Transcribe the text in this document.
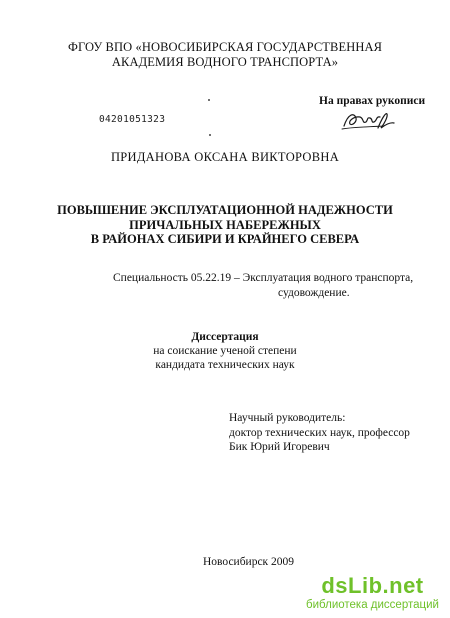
ФГОУ ВПО «НОВОСИБИРСКАЯ ГОСУДАРСТВЕННАЯ
АКАДЕМИЯ ВОДНОГО ТРАНСПОРТА»
На правах рукописи
04201051323
ПРИДАНОВА ОКСАНА ВИКТОРОВНА
ПОВЫШЕНИЕ ЭКСПЛУАТАЦИОННОЙ НАДЕЖНОСТИ
ПРИЧАЛЬНЫХ НАБЕРЕЖНЫХ
В РАЙОНАХ СИБИРИ И КРАЙНЕГО СЕВЕРА
Специальность 05.22.19 – Эксплуатация водного транспорта,
судовождение.
Диссертация
на соискание ученой степени
кандидата технических наук
Научный руководитель:
доктор технических наук, профессор
Бик Юрий Игоревич
Новосибирск 2009
dsLib.net
библиотека диссертаций
